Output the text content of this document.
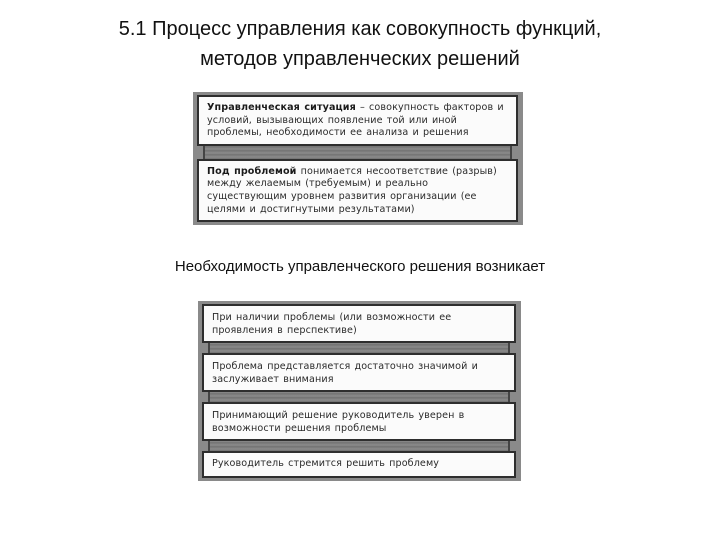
5.1 Процесс управления как совокупность функций,
методов управленческих решений
Управленческая ситуация – совокупность факторов и условий, вызывающих появление той или иной проблемы, необходимости ее анализа и решения
Под проблемой понимается несоответствие (разрыв) между желаемым (требуемым) и реально существующим уровнем развития организации (ее целями и достигнутыми результатами)
Необходимость управленческого решения возникает
При наличии проблемы (или возможности ее проявления в перспективе)
Проблема представляется достаточно значимой и заслуживает внимания
Принимающий решение руководитель уверен в возможности решения проблемы
Руководитель стремится решить проблему
